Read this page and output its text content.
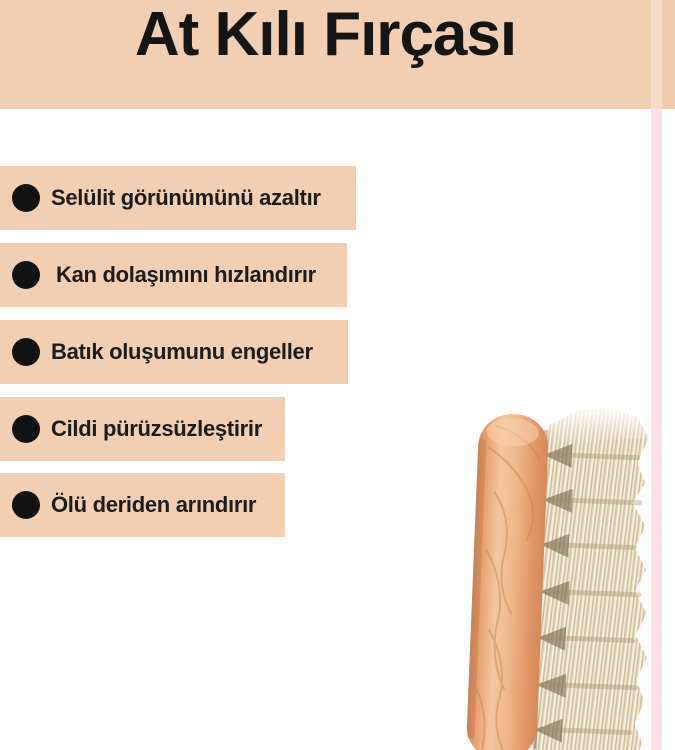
At Kılı Fırçası
Selülit görünümünü azaltır
Kan dolaşımını hızlandırır
Batık oluşumunu engeller
Cildi pürüzsüzleştirir
Ölü deriden arındırır
